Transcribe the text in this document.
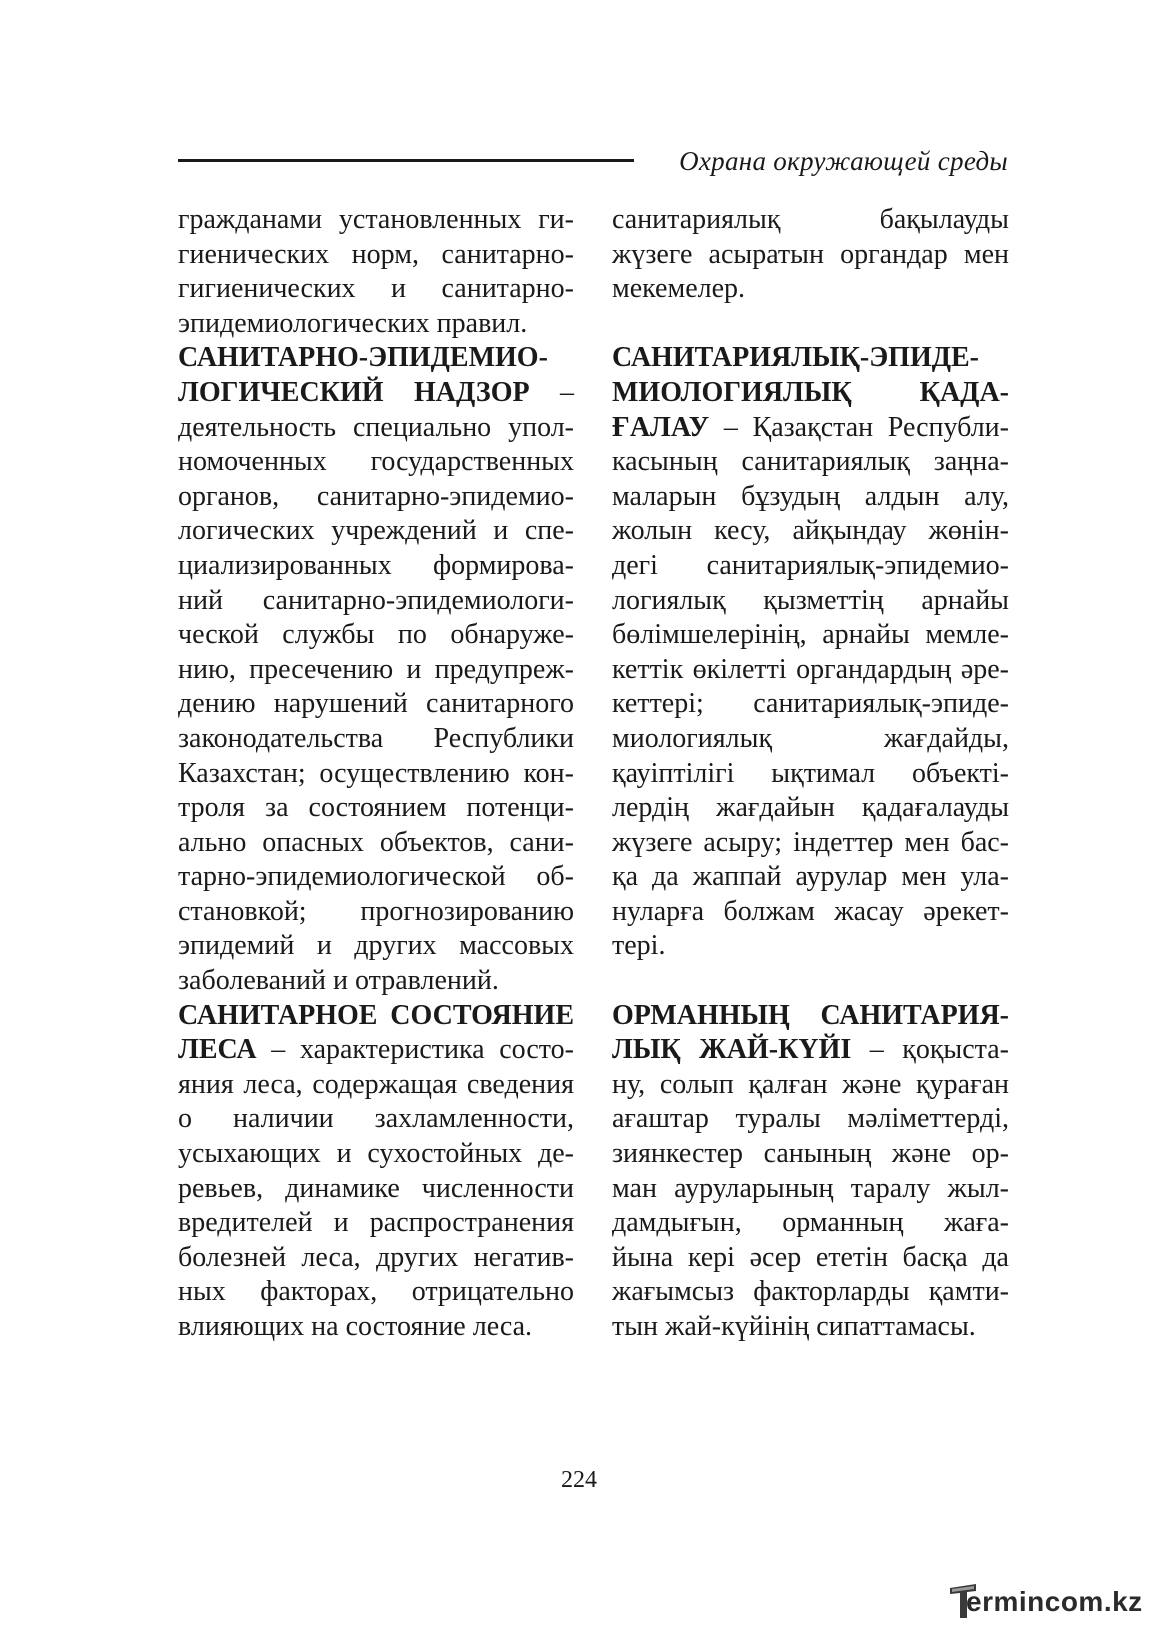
Охрана окружающей среды
гражданами установленных ги-
гиенических норм, санитарно-
гигиенических и санитарно-
эпидемиологических правил.
САНИТАРНО-ЭПИДЕМИО-
ЛОГИЧЕСКИЙ НАДЗОР –
деятельность специально упол-
номоченных государственных
органов, санитарно-эпидемио-
логических учреждений и спе-
циализированных формирова-
ний санитарно-эпидемиологи-
ческой службы по обнаруже-
нию, пресечению и предупреж-
дению нарушений санитарного
законодательства Республики
Казахстан; осуществлению кон-
троля за состоянием потенци-
ально опасных объектов, сани-
тарно-эпидемиологической об-
становкой; прогнозированию
эпидемий и других массовых
заболеваний и отравлений.
САНИТАРНОЕ СОСТОЯНИЕ
ЛЕСА – характеристика состо-
яния леса, содержащая сведения
о наличии захламленности,
усыхающих и сухостойных де-
ревьев, динамике численности
вредителей и распространения
болезней леса, других негатив-
ных факторах, отрицательно
влияющих на состояние леса.
санитариялық бақылауды
жүзеге асыратын органдар мен
мекемелер.
САНИТАРИЯЛЫҚ-ЭПИДЕ-
МИОЛОГИЯЛЫҚ ҚАДА-
ҒАЛАУ – Қазақстан Республи-
касының санитариялық заңна-
маларын бұзудың алдын алу,
жолын кесу, айқындау жөнін-
дегі санитариялық-эпидемио-
логиялық қызметтің арнайы
бөлімшелерінің, арнайы мемле-
кеттік өкілетті органдардың әре-
кеттері; санитариялық-эпиде-
миологиялық жағдайды,
қауіптілігі ықтимал объекті-
лердің жағдайын қадағалауды
жүзеге асыру; індеттер мен бас-
қа да жаппай аурулар мен ула-
нуларға болжам жасау әрекет-
тері.
ОРМАННЫҢ САНИТАРИЯ-
ЛЫҚ ЖАЙ-КҮЙІ – қоқыста-
ну, солып қалған және қураған
ағаштар туралы мәліметтерді,
зиянкестер санының және ор-
ман ауруларының таралу жыл-
дамдығын, орманның жаға-
йына кері әсер ететін басқа да
жағымсыз факторларды қамти-
тын жай-күйінің сипаттамасы.
224
ermincom.kz
